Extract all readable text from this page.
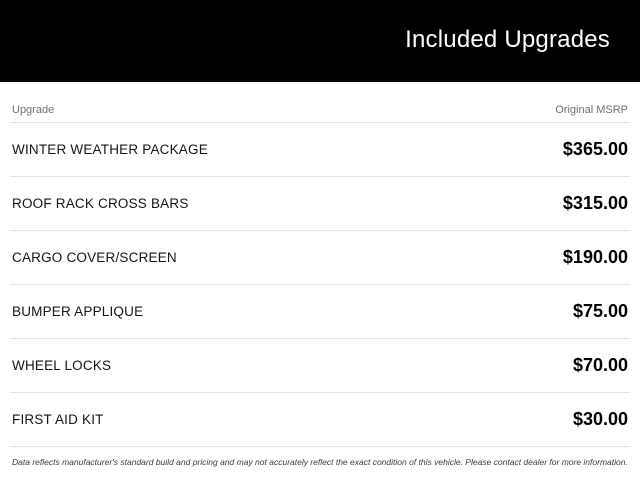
Included Upgrades
Upgrade	Original MSRP
WINTER WEATHER PACKAGE	$365.00
ROOF RACK CROSS BARS	$315.00
CARGO COVER/SCREEN	$190.00
BUMPER APPLIQUE	$75.00
WHEEL LOCKS	$70.00
FIRST AID KIT	$30.00
Data reflects manufacturer's standard build and pricing and may not accurately reflect the exact condition of this vehicle. Please contact dealer for more information.
